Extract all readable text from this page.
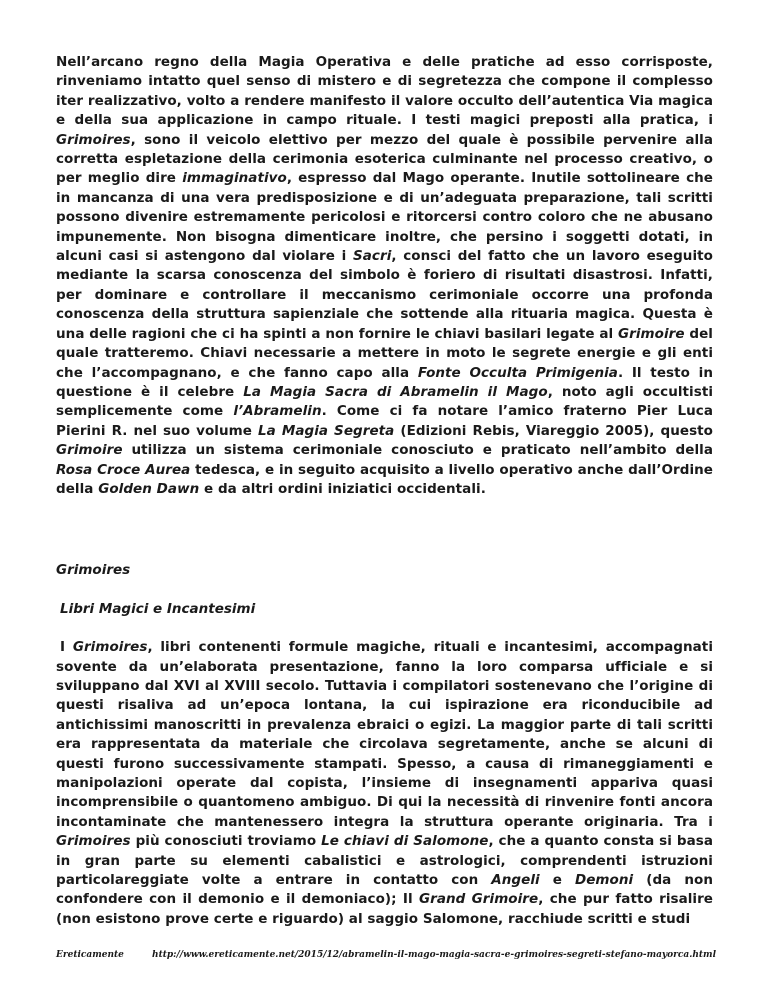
Nell’arcano regno della Magia Operativa e delle pratiche ad esso corrisposte, rinveniamo intatto quel senso di mistero e di segretezza che compone il complesso iter realizzativo, volto a rendere manifesto il valore occulto dell’autentica Via magica e della sua applicazione in campo rituale. I testi magici preposti alla pratica, i Grimoires, sono il veicolo elettivo per mezzo del quale è possibile pervenire alla corretta espletazione della cerimonia esoterica culminante nel processo creativo, o per meglio dire immaginativo, espresso dal Mago operante. Inutile sottolineare che in mancanza di una vera predisposizione e di un’adeguata preparazione, tali scritti possono divenire estremamente pericolosi e ritorcersi contro coloro che ne abusano impunemente. Non bisogna dimenticare inoltre, che persino i soggetti dotati, in alcuni casi si astengono dal violare i Sacri, consci del fatto che un lavoro eseguito mediante la scarsa conoscenza del simbolo è foriero di risultati disastrosi. Infatti, per dominare e controllare il meccanismo cerimoniale occorre una profonda conoscenza della struttura sapienziale che sottende alla rituaria magica. Questa è una delle ragioni che ci ha spinti a non fornire le chiavi basilari legate al Grimoire del quale tratteremo. Chiavi necessarie a mettere in moto le segrete energie e gli enti che l’accompagnano, e che fanno capo alla Fonte Occulta Primigenia. Il testo in questione è il celebre La Magia Sacra di Abramelin il Mago, noto agli occultisti semplicemente come l’Abramelin. Come ci fa notare l’amico fraterno Pier Luca Pierini R. nel suo volume La Magia Segreta (Edizioni Rebis, Viareggio 2005), questo Grimoire utilizza un sistema cerimoniale conosciuto e praticato nell’ambito della Rosa Croce Aurea tedesca, e in seguito acquisito a livello operativo anche dall’Ordine della Golden Dawn e da altri ordini iniziatici occidentali.

Grimoires

Libri Magici e Incantesimi

I Grimoires, libri contenenti formule magiche, rituali e incantesimi, accompagnati sovente da un’elaborata presentazione, fanno la loro comparsa ufficiale e si sviluppano dal XVI al XVIII secolo. Tuttavia i compilatori sostenevano che l’origine di questi risaliva ad un’epoca lontana, la cui ispirazione era riconducibile ad antichissimi manoscritti in prevalenza ebraici o egizi. La maggior parte di tali scritti era rappresentata da materiale che circolava segretamente, anche se alcuni di questi furono successivamente stampati. Spesso, a causa di rimaneggiamenti e manipolazioni operate dal copista, l’insieme di insegnamenti appariva quasi incomprensibile o quantomeno ambiguo. Di qui la necessità di rinvenire fonti ancora incontaminate che mantenessero integra la struttura operante originaria. Tra i Grimoires più conosciuti troviamo Le chiavi di Salomone, che a quanto consta si basa in gran parte su elementi cabalistici e astrologici, comprendenti istruzioni particolareggiate volte a entrare in contatto con Angeli e Demoni (da non confondere con il demonio e il demoniaco); Il Grand Grimoire, che pur fatto risalire (non esistono prove certe e riguardo) al saggio Salomone, racchiude scritti e studi

Ereticamente	http://www.ereticamente.net/2015/12/abramelin-il-mago-magia-sacra-e-grimoires-segreti-stefano-mayorca.html
